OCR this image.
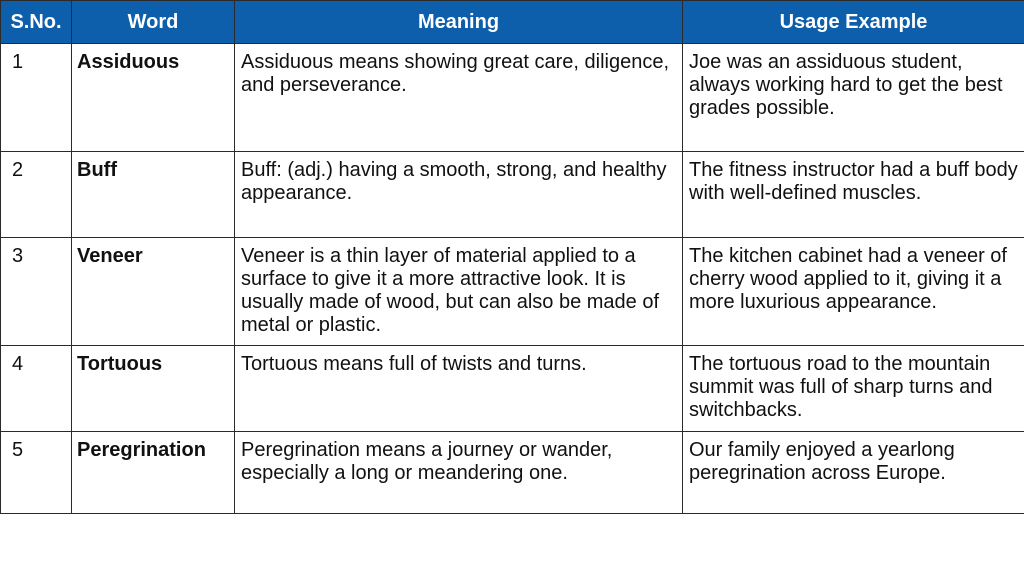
S.No.	Word	Meaning	Usage Example
1	Assiduous	Assiduous means showing great care, diligence, and perseverance.	Joe was an assiduous student, always working hard to get the best grades possible.
2	Buff	Buff: (adj.) having a smooth, strong, and healthy appearance.	The fitness instructor had a buff body with well-defined muscles.
3	Veneer	Veneer is a thin layer of material applied to a surface to give it a more attractive look. It is usually made of wood, but can also be made of metal or plastic.	The kitchen cabinet had a veneer of cherry wood applied to it, giving it a more luxurious appearance.
4	Tortuous	Tortuous means full of twists and turns.	The tortuous road to the mountain summit was full of sharp turns and switchbacks.
5	Peregrination	Peregrination means a journey or wander, especially a long or meandering one.	Our family enjoyed a yearlong peregrination across Europe.
